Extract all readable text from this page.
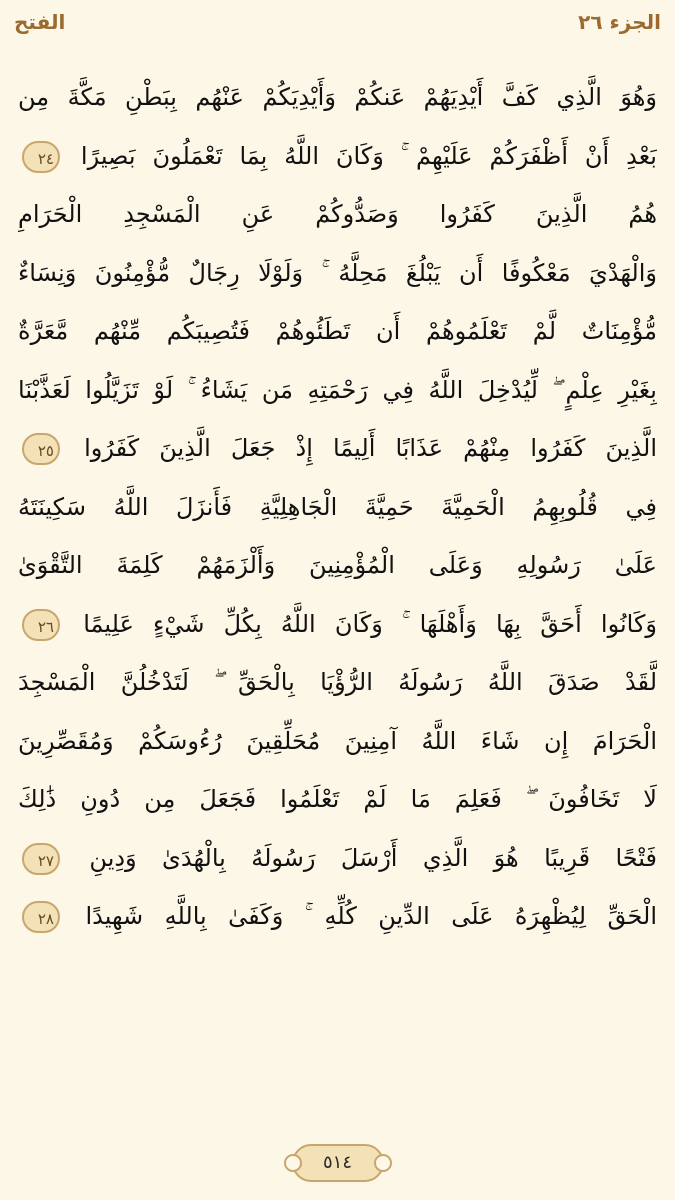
الجزء ٢٦
الفتح
وَهُوَ الَّذِي كَفَّ أَيْدِيَهُمْ عَنكُمْ وَأَيْدِيَكُمْ عَنْهُم بِبَطْنِ مَكَّةَ مِن
بَعْدِ أَنْ أَظْفَرَكُمْ عَلَيْهِمْ ۚ وَكَانَ اللَّهُ بِمَا تَعْمَلُونَ بَصِيرًا ٢٤
هُمُ الَّذِينَ كَفَرُوا وَصَدُّوكُمْ عَنِ الْمَسْجِدِ الْحَرَامِ
وَالْهَدْيَ مَعْكُوفًا أَن يَبْلُغَ مَحِلَّهُ ۚ وَلَوْلَا رِجَالٌ مُّؤْمِنُونَ وَنِسَاءٌ
مُّؤْمِنَاتٌ لَّمْ تَعْلَمُوهُمْ أَن تَطَئُوهُمْ فَتُصِيبَكُم مِّنْهُم مَّعَرَّةٌ
بِغَيْرِ عِلْمٍ ۖ لِّيُدْخِلَ اللَّهُ فِي رَحْمَتِهِ مَن يَشَاءُ ۚ لَوْ تَزَيَّلُوا لَعَذَّبْنَا
الَّذِينَ كَفَرُوا مِنْهُمْ عَذَابًا أَلِيمًا إِذْ جَعَلَ الَّذِينَ كَفَرُوا ٢٥
فِي قُلُوبِهِمُ الْحَمِيَّةَ حَمِيَّةَ الْجَاهِلِيَّةِ فَأَنزَلَ اللَّهُ سَكِينَتَهُ
عَلَىٰ رَسُولِهِ وَعَلَى الْمُؤْمِنِينَ وَأَلْزَمَهُمْ كَلِمَةَ التَّقْوَىٰ
وَكَانُوا أَحَقَّ بِهَا وَأَهْلَهَا ۚ وَكَانَ اللَّهُ بِكُلِّ شَيْءٍ عَلِيمًا ٢٦
لَّقَدْ صَدَقَ اللَّهُ رَسُولَهُ الرُّؤْيَا بِالْحَقِّ ۖ لَتَدْخُلُنَّ الْمَسْجِدَ
الْحَرَامَ إِن شَاءَ اللَّهُ آمِنِينَ مُحَلِّقِينَ رُءُوسَكُمْ وَمُقَصِّرِينَ
لَا تَخَافُونَ ۖ فَعَلِمَ مَا لَمْ تَعْلَمُوا فَجَعَلَ مِن دُونِ ذَٰلِكَ
فَتْحًا قَرِيبًا هُوَ الَّذِي أَرْسَلَ رَسُولَهُ بِالْهُدَىٰ وَدِينِ ٢٧
الْحَقِّ لِيُظْهِرَهُ عَلَى الدِّينِ كُلِّهِ ۚ وَكَفَىٰ بِاللَّهِ شَهِيدًا ٢٨
٥١٤
